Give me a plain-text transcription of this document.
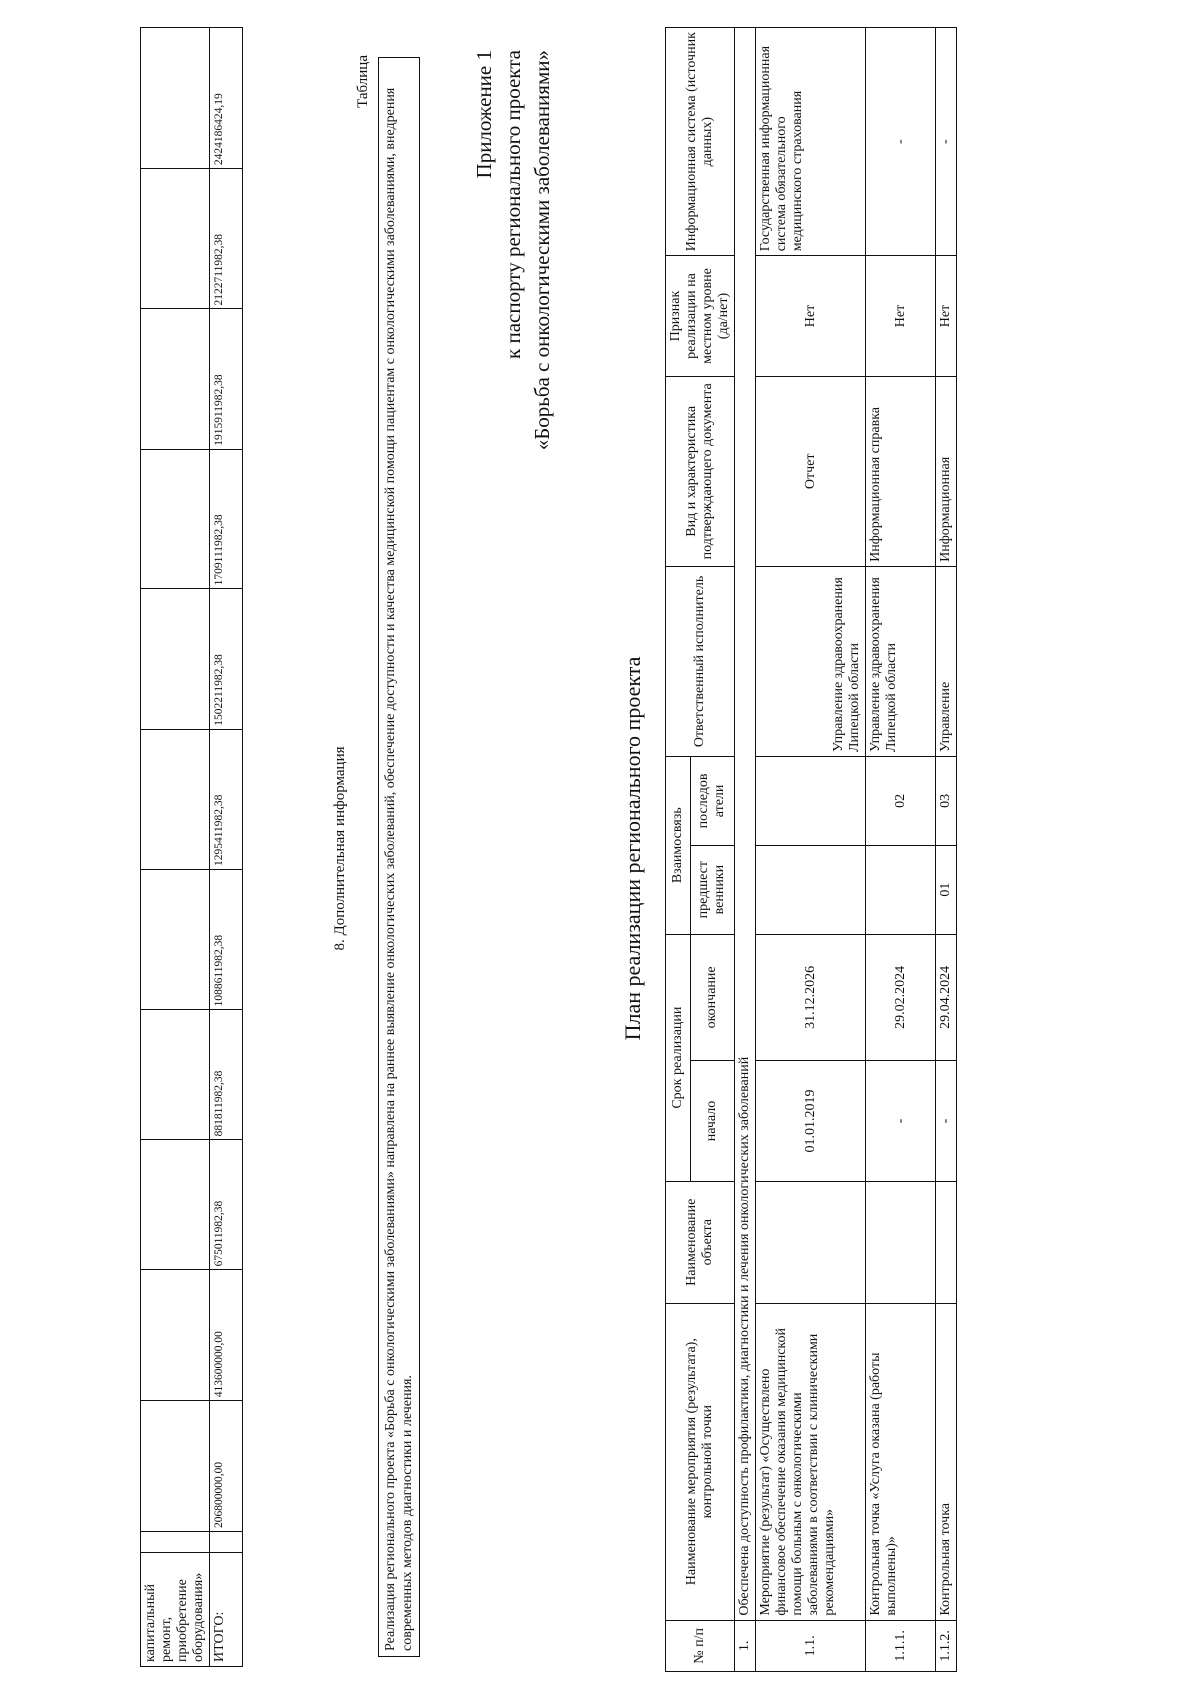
капитальный ремонт, приобретение оборудования»												
ИТОГО:		206800000,00	413600000,00	675011982,38	881811982,38	1088611982,38	1295411982,38	1502211982,38	1709111982,38	1915911982,38	2122711982,38	2424186424,19
8. Дополнительная информация
Таблица
Реализация регионального проекта «Борьба с онкологическими заболеваниями» направлена на раннее выявление онкологических заболеваний, обеспечение доступности и качества медицинской помощи пациентам с онкологическими заболеваниями, внедрения современных методов диагностики и лечения.
Приложение 1 к паспорту регионального проекта «Борьба с онкологическими заболеваниями»
План реализации регионального проекта
№ п/п	Наименование мероприятия (результата), контрольной точки	Наименование объекта	Срок реализации		Взаимосвязь		Ответственный исполнитель	Вид и характеристика подтверждающего документа	Признак реализации на местном уровне (да/нет)	Информационная система (источник данных)
			начало	окончание	предшест венники	последов атели				
1.	Обеспечена доступность профилактики, диагностики и лечения онкологических заболеваний									
1.1.	Мероприятие (результат) «Осуществлено финансовое обеспечение оказания медицинской помощи больным с онкологическими заболеваниями в соответствии с клиническими рекомендациями»		01.01.2019	31.12.2026			Управление здравоохранения Липецкой области	Отчет	Нет	Государственная информационная система обязательного медицинского страхования
1.1.1.	Контрольная точка «Услуга оказана (работы выполнены)»		-	29.02.2024		02	Управление здравоохранения Липецкой области	Информационная справка	Нет	-
1.1.2.	Контрольная точка		-	29.04.2024	01	03	Управление	Информационная	Нет	-
